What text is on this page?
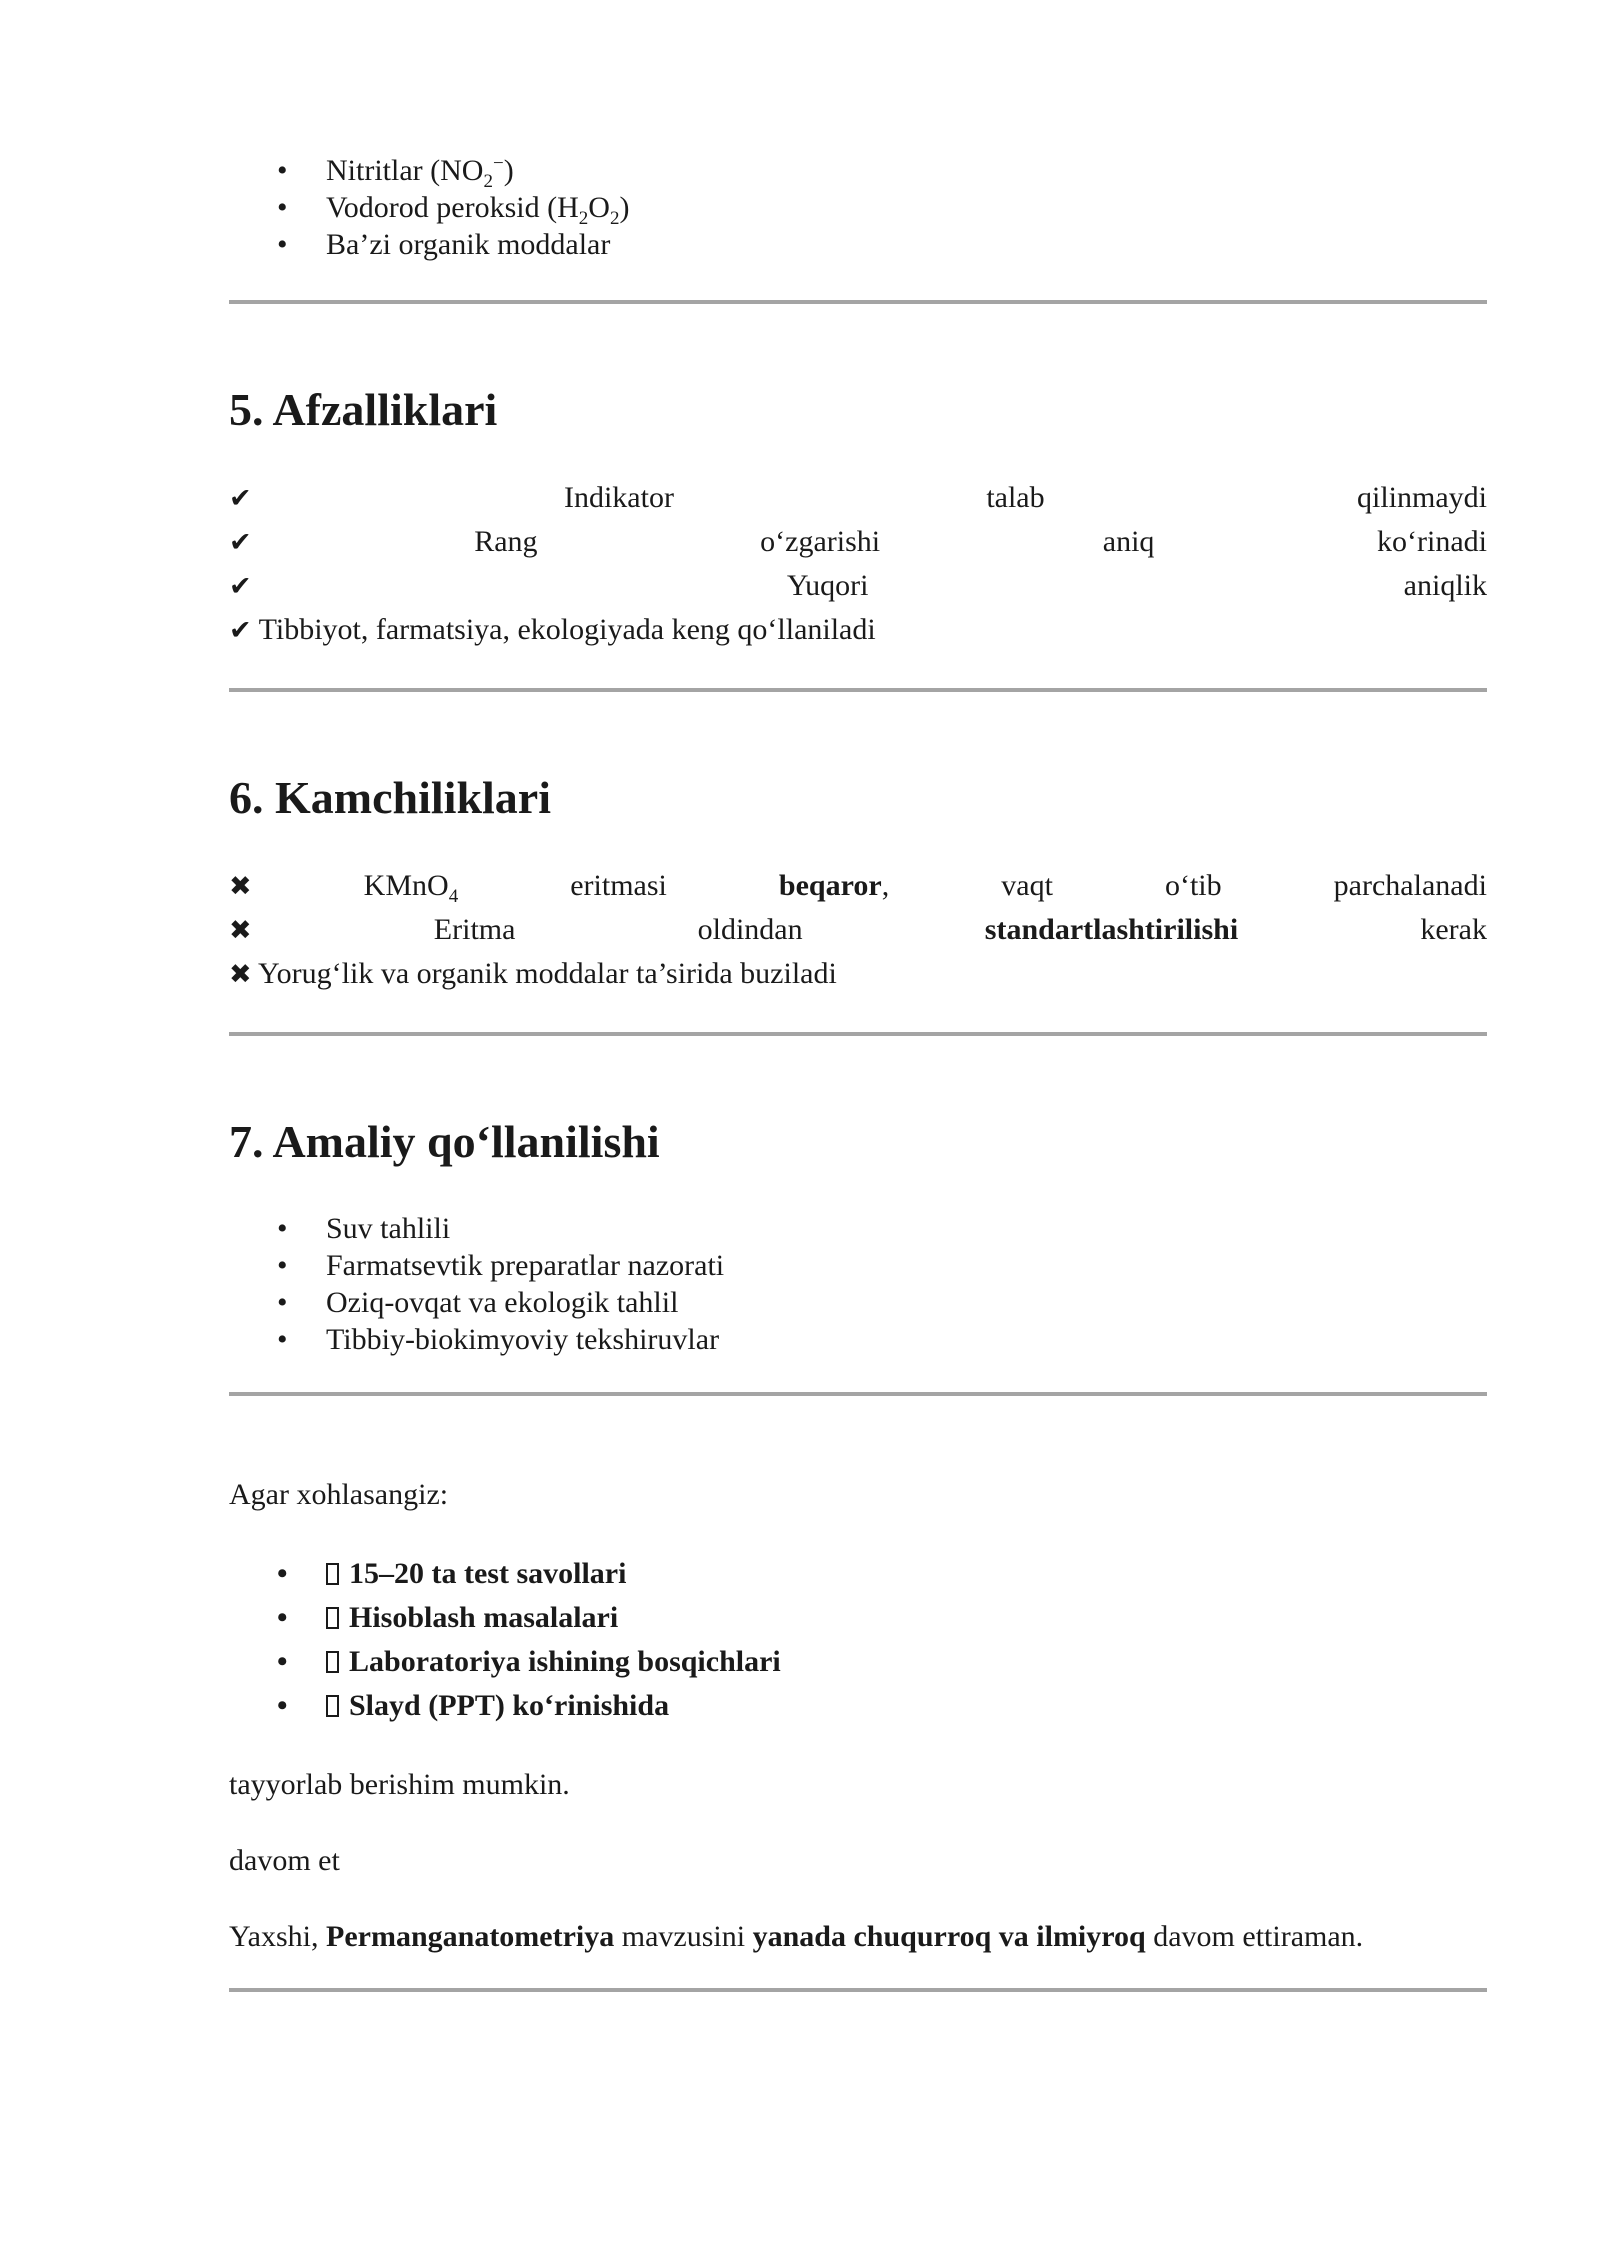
• Nitritlar $(NO_2^-)$
• Vodorod peroksid $(H_2O_2)$
• Ba’zi organik moddalar
5. Afzalliklari
✔	Indikator	talab	qilinmaydi
✔	Rang	o‘zgarishi	aniq	ko‘rinadi
✔	Yuqori	aniqlik
✔ Tibbiyot, farmatsiya, ekologiyada keng qo‘llaniladi
6. Kamchiliklari
✖	KMnO$_4$	eritmasi	beqaror,	vaqt	o‘tib	parchalanadi
✖	Eritma	oldindan	standartlashtirilishi	kerak
✖ Yorug‘lik va organik moddalar ta’sirida buziladi
7. Amaliy qo‘llanilishi
• Suv tahlili
• Farmatsevtik preparatlar nazorati
• Oziq-ovqat va ekologik tahlil
• Tibbiy-biokimyoviy tekshiruvlar
Agar xohlasangiz:
• 15–20 ta test savollari
• Hisoblash masalalari
• Laboratoriya ishining bosqichlari
• Slayd (PPT) ko‘rinishida
tayyorlab berishim mumkin.
davom et
Yaxshi, Permanganatometriya mavzusini yanada chuqurroq va ilmiyroq davom ettiraman.
